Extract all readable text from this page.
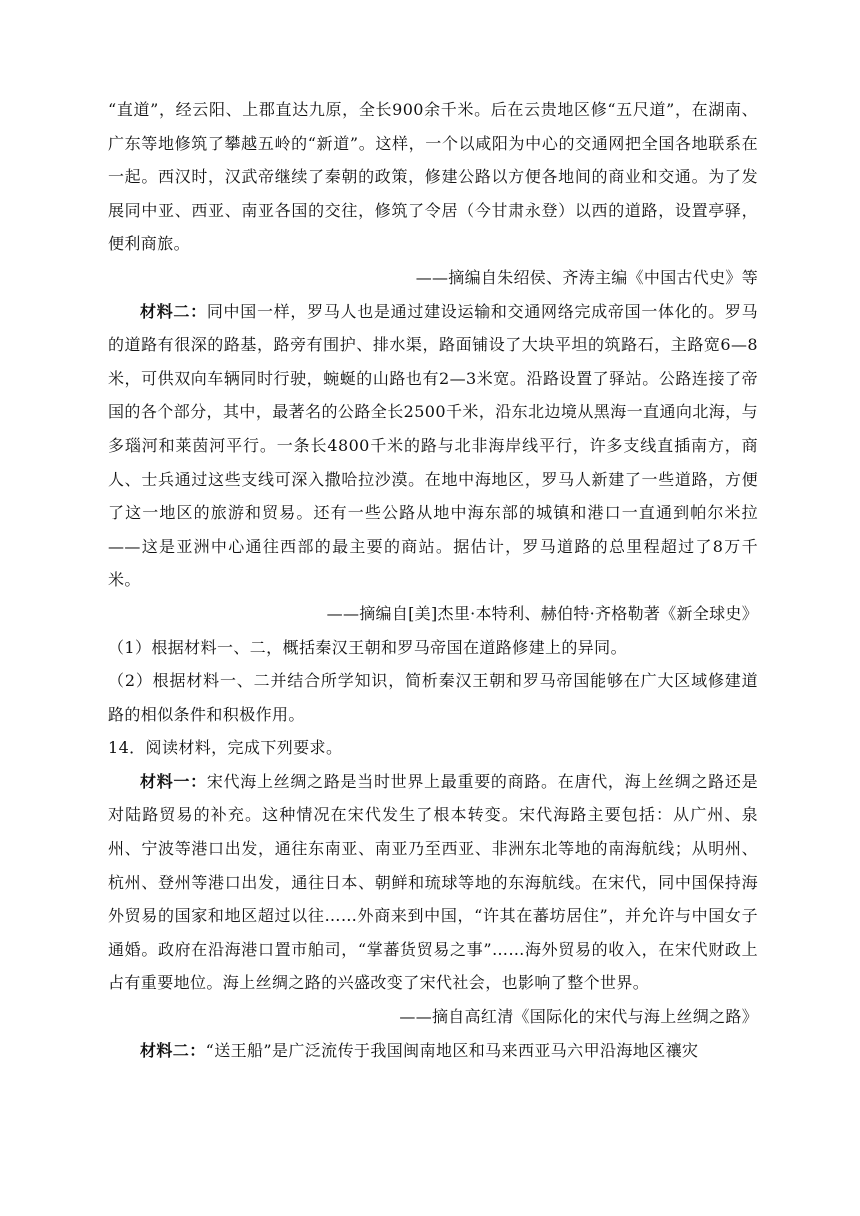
“直道”，经云阳、上郡直达九原，全长900余千米。后在云贵地区修“五尺道”，在湖南、广东等地修筑了攀越五岭的“新道”。这样，一个以咸阳为中心的交通网把全国各地联系在一起。西汉时，汉武帝继续了秦朝的政策，修建公路以方便各地间的商业和交通。为了发展同中亚、西亚、南亚各国的交往，修筑了令居（今甘肃永登）以西的道路，设置亭驿，便利商旅。

——摘编自朱绍侯、齐涛主编《中国古代史》等

材料二：同中国一样，罗马人也是通过建设运输和交通网络完成帝国一体化的。罗马的道路有很深的路基，路旁有围护、排水渠，路面铺设了大块平坦的筑路石，主路宽6—8米，可供双向车辆同时行驶，蜿蜒的山路也有2—3米宽。沿路设置了驿站。公路连接了帝国的各个部分，其中，最著名的公路全长2500千米，沿东北边境从黑海一直通向北海，与多瑙河和莱茵河平行。一条长4800千米的路与北非海岸线平行，许多支线直插南方，商人、士兵通过这些支线可深入撒哈拉沙漠。在地中海地区，罗马人新建了一些道路，方便了这一地区的旅游和贸易。还有一些公路从地中海东部的城镇和港口一直通到帕尔米拉——这是亚洲中心通往西部的最主要的商站。据估计，罗马道路的总里程超过了8万千米。

——摘编自[美]杰里·本特利、赫伯特·齐格勒著《新全球史》

（1）根据材料一、二，概括秦汉王朝和罗马帝国在道路修建上的异同。

（2）根据材料一、二并结合所学知识，简析秦汉王朝和罗马帝国能够在广大区域修建道路的相似条件和积极作用。

14．阅读材料，完成下列要求。

材料一：宋代海上丝绸之路是当时世界上最重要的商路。在唐代，海上丝绸之路还是对陆路贸易的补充。这种情况在宋代发生了根本转变。宋代海路主要包括：从广州、泉州、宁波等港口出发，通往东南亚、南亚乃至西亚、非洲东北等地的南海航线；从明州、杭州、登州等港口出发，通往日本、朝鲜和琉球等地的东海航线。在宋代，同中国保持海外贸易的国家和地区超过以往……外商来到中国，“许其在蕃坊居住”，并允许与中国女子通婚。政府在沿海港口置市舶司，“掌蕃货贸易之事”……海外贸易的收入，在宋代财政上占有重要地位。海上丝绸之路的兴盛改变了宋代社会，也影响了整个世界。

——摘自高红清《国际化的宋代与海上丝绸之路》

材料二：“送王船”是广泛流传于我国闽南地区和马来西亚马六甲沿海地区禳灾
